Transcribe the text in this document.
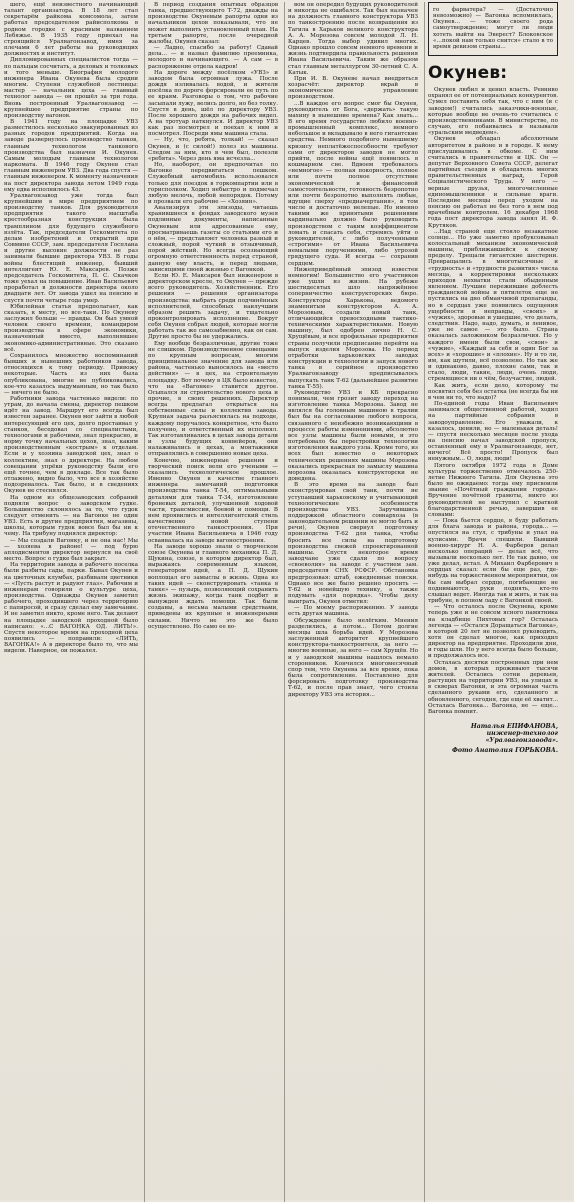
шего, ещё неизвестного начинающий талант организатора. В 18 лет стал секретарём райкома комсомола, затем работал председателем райисполкома в родном городке с красивым названием Лебяжье. В 1935 году приехал на строящийся Уралвагонзавод, имея за плечами 6 лет работы на руководящих должностях и институт.

Дипломированных специалистов тогда — по пальцам сосчитать, а деловых и толковых и того меньше. Биография молодого инженера Ивана Окунева была сродни многим. Ступени служебной лестницы: мастер — начальник цеха — главный технолог завода — он прошёл за три года. Вновь построенный Уралвагонзавод — крупнейшее предприятие страны по производству вагонов.

В 1941 году на площадке УВЗ разместилось несколько эвакуированных из разных городов предприятий. Когда на заводе развернулось производство танков, главным технологом танкового производства был назначен И. Окунев. Самым молодым главным технологом наркомата. В 1946 году Окунев стал главным инженером УВЗ. Два года спустя — главным инженером. К моменту назначения на пост директора завода летом 1949 года ему едва исполнилось 43.

Уралвагонзавод уже тогда был крупнейшим в мире предприятием по производству танков. Для руководителя предприятия такого масштаба крестообразная конструкция была трамплином для будущего служебного взлёта. Так, председатели Госкомитета по делам изобретений и открытий при Совмине СССР, зам. председателя Госплана и другие высокие должности не раз занимали бывшие директора УВЗ. В годы войны блестящий инженер, бывший интеллигент Ю. Е. Максарев. Позже председатель Госкомитета, П. С. Скачков тоже уехал на повышение. Иван Васильевич проработал в должности директора около двадцати лет. От завода ушел на пенсию и спустя почти четыре года умер.

Юбилейная статья предполагает, как сказать, к месту, но все-таки. По Окуневу заслужил больше — правды. Он был умной человек своего времени, командиром производства в сфере экономики, назначенный вместо, выполнявшее экономико-административные. Это сказано всё.

Сохранилось множество воспоминаний бывших и нынешних работников завода, относящихся к тому периоду. Привожу некоторые. Часть из них была опубликована, многие не публиковались, кое-что казалось выдуманным, но так было — ничего не было.

Работники завода частенько видели: по утрам, до начала смены, директор пешком идёт на завод. Маршрут его всегда был известен заранее. Окунев мог зайти в любой интересующий его цех, долго простаивал у станков, беседовал со специалистами, технологами и рабочими, знал прекрасно, и норму точку начальных цехов, знал, каким производственным «кострым» к отделам. Если и у хозяина заводской цех, знал о коллективе, знал о директоре. На любом совещании упрёки руководству были его ещё точнее, чем в докладе. Все так было отлажено, видно было, что все в хозяйстве подозревалось. Так было, и в сведениях Окунев не стеснялся.

На одном из общезаводских собраний подняли вопрос о заводском гудке. Большинство склонялось за то, что гудок следует отменить — на Вагонке не один УВЗ. Есть и другие предприятия, магазины, школы, которым гудок вовсе был бы ни к чему. На трибуну поднялся директор:

— Мы создали Вагонку, и не она нас! Мы — хозяева в районе! — под бурю аплодисментов директор вернулся на своё место. Вопрос о гудке был закрыт.

На территории завода и рабочего поселка были разбиты сады, парки. Бывал Окунев и на цветочных клумбах, разбивали цветники — «Пусть растут и радуют глаз». Рабочим и инженерам говорили о культуре цеха, производства. Однажды Окунев заметил рабочего, проходившего через территорию с папиросой, и сразу сделал ему замечание. И не заметил никто, кроме него. Так делают на площадке заводской проходной было написано: «...С ВАГОНКА ОД. ЛИТЬ!». Спустя некоторое время на проходной цеха появились — поправили: «ЛИТЬ, ВАГОНКА!» А в директоре было то, что мы видели. Наверное, он пожалел.

В период создания опытных образцов танка, предшествующего Т-72, дважды на производстве Окуневым рапорты одни из начальников цехов показывали, что не может выполнить установленный план. На третьем рапорте, после очередной жалобы, Окунев сказал:

— Ладно, спасибо за работу! Сдавай дела... — и назвал фамилию преемника, молодого и начинающего. — А сам — в распоряжение отдела кадров!

На дороге между посёлком «УВЗ» и заводом была огромная лужа. После дождя изливалась водой, и жители посёлка по дороге форсировали ее путь по ее краям. Разговоры о том, что рабочие засыпали лужу, велись долго, но без толку. Спустя в день, шёл по директору УВЗ. После хорошего дождя на рабочих видел. А на тротуар наткнулся. И директор УВЗ как раз посмотрел и поехал к ним и посмотрел. Посреди ямы машина стала.

— Ну, что, ребята, толкай! — сказал Окунев, и (с силой!) полез из машины. Следом за ним, кто в чем был, полезли «ребята». Через день яма исчезла...

Но, наоборот, он предпочитал по Вагонке передвигаться пешком. Служебный автомобиль использовался только для поездок в горкомпартии или в горисполком. Ходил небыстро и подмечал любую мелочь, любой непорядок. Потому и прозвали его рабочие — «Хозяин».

Анализируя эти эпизоды, читаешь хранившиеся в фондах заводского музея подлинные документы, написанные Окуневым или адресованные ему, просматриваешь газеты со статьями его и о нём, — представляет человека разный и сложный, порой чуткий и отзывчивый, порой жёсткий. Но всегда осознающий огромную ответственность перед страной, данную ему власть, и перед людьми, зависящими своей жизнью с Вагонкой.

Если Ю. Е. Максарев был инженером в директорском кресле, то Окунев — прежде всего руководитель. Хозяйственник. Его решения — решения организатора производства: выбрать среди подчинённых исполнителей, способных наилучшим образом решить задачу, и тщательно проконтролировать исполнение. Вокруг себя Окунев собрал людей, которые могли работать так же самозабвенно, как он сам. Другие просто бы не удержались.

Ему вообще безразличные, другие тоже не слишком. Производственное совещание по крупным вопросам, многим принципиальное значение для завода или района, частенько выносилось на «место действия» — в цех, на строительную площадку. Вот почему в ЦК было известно, что на «Вагонке» ставится другое. Осыпался ли строительство нового цеха и прочие, в своих решениях. Директор всегда предлагал открыться на собственные силы и коллектив завода. Крупная задача разъяснялась на подходе, каждому поручалось конкретное, что было получено, и ответственный их исполнял. Так изготавливались в цехах завода детали и узлы будущих конвейеров, они налаживались в цехах, а монтажники отправлялись в совершенно новые цеха.

Конечно, инженерные решения и творческий поиск вели его учеными — сказались технологическое прошлое. Именно Окунев в качестве главного инженера замечаний подготовки производства танка Т-54, оптимальными деталями для танка Т-34, изготовление броневых деталей, улучшенной ходовой части, трансмиссии, боевой и помощи. В нем проявились и интеллигентский стиль качественно новой ступени отечественного танкостроения. При участии Ивана Васильевича в 1946 году осваивалась на заводе вагоностроения.

На заводе хорошо знали о творческом союзе Окунева и главного механика П. Д. Щукина, союзе, в котором директор был, выражаясь современным языком, генератором идей, а П. Д. Щукин воплощал его замыслы в жизнь. Одна из таких идей — сконструировать «танка в танке» — пузырь, позволяющий сохранить жизнь экипажу, когда танк подбит и вынужден ждать помощи. Так были созданы, а весьма малыми средствами, приведены их крупные и инженерными силами. Ничто не это же было осуществлено. Но само ее во-

вом он опередил будущих руководителей и никогда не ошибался. Так был назначен на должность главного конструктора УВЗ по танкостроению после возвращения из Тагила в Харьков великого конструктора А. А. Морозова совсем молодой Л. Н. Карцев. Тогда выбор удивил многих. Однако прошло совсем немного времени и жизнь подтвердила правильность решения Ивана Васильевича. Таким же образом стал главным металлургом 30-летний С. А. Катык.

При И. В. Окуневе начал внедряться хозрасчёт: директор вкрай в экономическое управление производством.

...В каждое его вопрос смог бы Окунев, руководитель от Бога, «держать» такую махину в нынешние времена? Как знать... В его время государство любило военно-промышленный комплекс, немного небольшое и вкладывало в него гигантские средства. Немного подобного нынешнему кризису неплатёжеспособности требуют сами от директоров заводов не могло прийти, после войны ещё появилось в кошмарном сне. Вдвоем требовалось «немногое» — полная покорность, полное или почти полное отсутствие экономической и финансовой самостоятельности, готовность безропотно или почти безропотно выполнять любые, идущие сверху «предначертания», в том числе и достаточно нелепые. Но именно такими же принятыми решениями кардинально должно было руководить производством с таким коэффициентом ломать и спасать себя, стремясь уйти о руководителей, с либо полученными «строгими» от Ивана Васильевича немалыми поручениями, либо угрозой грядущего суда. И всегда — сохранив сердцем.

Нижеприведённый эпизод известен немногим! Большинство его участников уже ушли из жизни. На рубеже шестидесятых шло напряжённое соперничество конструкторских бюро. Конструкторы Харькова, ведомого знаменитым конструктором А. А. Морозовым, создали новый танк, отличающийся превосходными тактико-техническими характеристиками. Новую машину, был одобрен лично Н. С. Хрущёвым, и все профильные предприятия страны получили предписание перейти на выпуск изделия Морозова. Но период отработки харьковских заводах конструкции и технологии и запуск нового танка в серийное производство Уралвагонзаводу предписывалось выпускать танк Т-62 (дальнейшее развитие танка Т-55).

Руководство УВЗ и КБ прекрасно понимали, чем грозит заводу переход на изготовление танка Морозова. Завод не являлся бы головным машиною в тралии был бы на согласование любого вопроса, связанного с неизбежно возникающими в процессе работы изменениями, абсолютно все узлы машины были новыми, и это потребовало бы перестройки технологии изготовления каждого узла. Кроме того, из всех был известно о некоторых технических решениях машины Морозова оказались прекрасная по замыслу машина морозова оказалась конструкторски не доведена.

В это время на заводе был сконструирован свой танк, почти не уступавший харьковскому и учитывающий технологические особенности производства УВЗ. Заручившись поддержкой областного совнархоза (в законодательном решении не могло быть и речи), Окунев свернул подготовку производства Т-62 для танка, чтобы бросить все силы на подготовку производства свежей спроектированной машины. Спустя некоторое время заводчане уже сдали по вопросу «своеволия» на заводе с участием зам. председателя СНХ РСФСР. Обстановка предгрозовая: штаб, ежедневные поиски. Однако все же было решено просить — Т-62 и новейшую технику, а также подумать «для порядка». Чтобы делу выиграть, Окунев отметил:

— По моему распоряжению. У завода есть другая машина.

Обсуждение было нелёгким. Мнения разделились, а потом... Потом долгие месяцы шла борьба идей. У Морозова заслуженный авторитет крупнейшего конструктора-танкостроителя, за него — многие военные, за него — сам Хрущёв. Но и у заводской машины нашлось немало сторонников. Кончился многомесячный спор тем, что Окунева за все время, пока была сопротивление. Поставлено для форсировать подготовку производства Т-62, и после прав знает, чего стоила директору УВЗ эта история...

го фарватера? — (Достаточно невозможно) — Вагонка вспомнилась, Окунев… — тоже своего рода самоутверждение; могут ли люди хотеть выйти на Эверест? Блоковское «…покой нам только снится» стало в то время девизом страны…
Окунев:

Окунев любил и ценил власть. Ревниво охранял ее от потенциальных конкурентов. Сумел поставить себя так, что с ним (и с заводом!) считались заказчики-военные, которые вообще не очень-то считались с производственниками. В министерстве, по случаю, его побаивались и называли «уральским медведем».

Окунев обладал абсолютным авторитетом в районе и в городе. К нему прислушивались в обкоме. С ним считались в правительстве и ЦК. Он — депутат Верховного Совета СССР, делегат партийных съездов и обладатель многих правительственных наград, Герой Социалистического Труда. У него — верные друзья, многочисленные единомышленники и сильные враги. Последние месяцы перед уходом на пенсию он работал не без того в нем под врачебным контролем. 16 декабря 1968 года пост директора завода занял И. Ф. Крутяков.

...Над страной еще стояло незакатное солнце... Но уже заметно пробуксовывал колоссальный механизм экономической машины, приближавшейся к своему пределу. Трещали гигантские шестерни. Превращались в многотысячные и «трудность» и «трудности развития» числа месяца, а корректировки нескольких приходов нехватки стали обыденным явлением. Лучшие пережившие доблесть гражданской войны и пятилеток еще не пустились на дно обманчивой пропаганды, но в сердцах уже появились ощущения ущербности и неправды, «своих» и «чужих», здоровые и ушедшие, что делать, следствия. Надо, надо, думать, и ленивое, уже не самое — это было. Страна оказалась заложником безразличия. Но у каждого имени были свои, «свои» и «чужие», «Каждый за себя и один Бог за всех» и «хорошие» и «плохие». Ну и то ли, им, как шутили, всё позволено. Но так же и одинаково, давно, плохие сами, так и стало, люди, такие, люди, очень люди, стремящиеся ни о чём, безучастие, людей.

Как жить, если дело, которому ты посвятил себя без остатка (не всегда бы ни в чем ни то, что надо)?

По-единой годы Иван Васильевич занимался общественной работой, ходил на партийные собрания в заводоуправление. Его уважали, к казалось, ценили, но — маленькая деталь! — спустя несколько месяцев после ухода на пенсию начал заводской пропуск, оставленный ему в Уралвагонзаводе, нет, ничего! Всё просто! Пропуск был ненужным... О, люди, люди!

Пятого октября 1972 года в Доме культуры торжественно отмечалось 250-летие Нижнего Тагила. Для Окунева это было не ожидаемо: тогда ему присвоили звание «Почётный гражданин города». Вручение почётной грамоты, никто из руководителей не выступил с краткой благодарственной речью, завершив ее словами:

— Пока бьется сердце, я буду работать для блага завода и района, города... — опустился на стул, с трибуны и упал на кулисами. Врачи спешили. Бывший военно-хирург Н. А. Фарберов делал несколько операций — делал всё, что вызывали несколько лет. Не так давно, он уже делал, встал. А Михаил Фарберович в сердцах сказал: если бы еще раз, где-нибудь на торжественном мероприятии, он бы сам выбрал сердце, погибающие не поднимаются, руки поднять, кто-то слышал ведет. Иногда так и жить, и так на трибуне, в полном ладу с Вагонкой своей.

— Что осталось после Окунева, кроме теперь уже и не совсем ясного памятника на кладбище Пихтовых гор? Осталась легенда — «Остался Доращаться Вагонка», в которой 20 лет не позволял руководить, хотя он сделал многое, как приходил директор на предприятие. Проходили дни, и годы шли. Но у него всегда было больше, и продолжалось все.

Осталась десятки построенных при нем домов, в которых проживают тысячи жителей. Остались сотни деревьев, растущих на территории УВЗ, на улицах и в скверах Вагонки, и эта огромная часть сделанного руками его, сделанного и обновленного, сегодня, где еще её хватит... Осталась Вагонка... Вагонка, не — еще... Вагонка помнит.

Наталья ЕПИФАНОВА,
инженер-технолог «Уралвагонзавода».
Фото Анатолия ГОРЬКОВА.
